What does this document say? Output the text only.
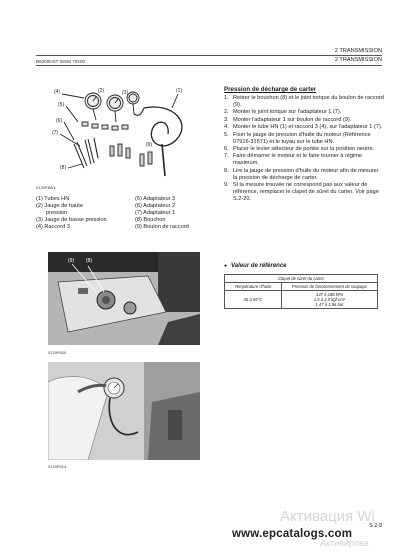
2 TRANSMISSION
2 TRANSMISSION
B6200HST WSM 70200
(4)
(5)
(6)
(7)
(2)	(3)	(1)
(8)
(9)
0120P8W1
(1) Tubes HN
(2) Jauge de haute
pression
(3) Jauge de basse pression
(4) Raccord 3
(5) Adaptateur 3
(6) Adaptateur 2
(7) Adaptateur 1
(8) Bouchon
(9) Boulon de raccord
(9) (8)
0120P020
0120P014
Pression de décharge de carter
1. Retirer le bouchon (8) et le joint torique du boulon de raccord (9).
2. Monter le joint torique sur l'adaptateur 1 (7).
3. Monter l'adaptateur 1 sur boulon de raccord (9).
4. Monter le tube HN (1) et raccord 3 (4), sur l'adaptateur 1 (7).
5. Fixer le jauge de pression d'huile du moteur (Référence 07916-31571) et le tuyau sur le tube HN.
6. Placer le levier sélecteur de portée sur la position neutre.
7. Faire démarrer le moteur et le faire tourner à régime maximum.
8. Lire la jauge de pression d'huile du moteur afin de mesurer la pression de décharge de carter.
9. Si la mesure trouvée ne correspond pas aux valeur de référence, remplacer le clapet de sûret du carter. Voir page S.2-20.
● Valeur de référence
Clapet de sûret du carter	
Température d'huile	Pression de fonctionnement de soupape
45 à 55°C	147 à 186 kPa
1,5 à 2,0 kgf·cm²
1,47 à 1,96 bar
Активация Wi
S.2-9
Активирова
www.epcatalogs.com
